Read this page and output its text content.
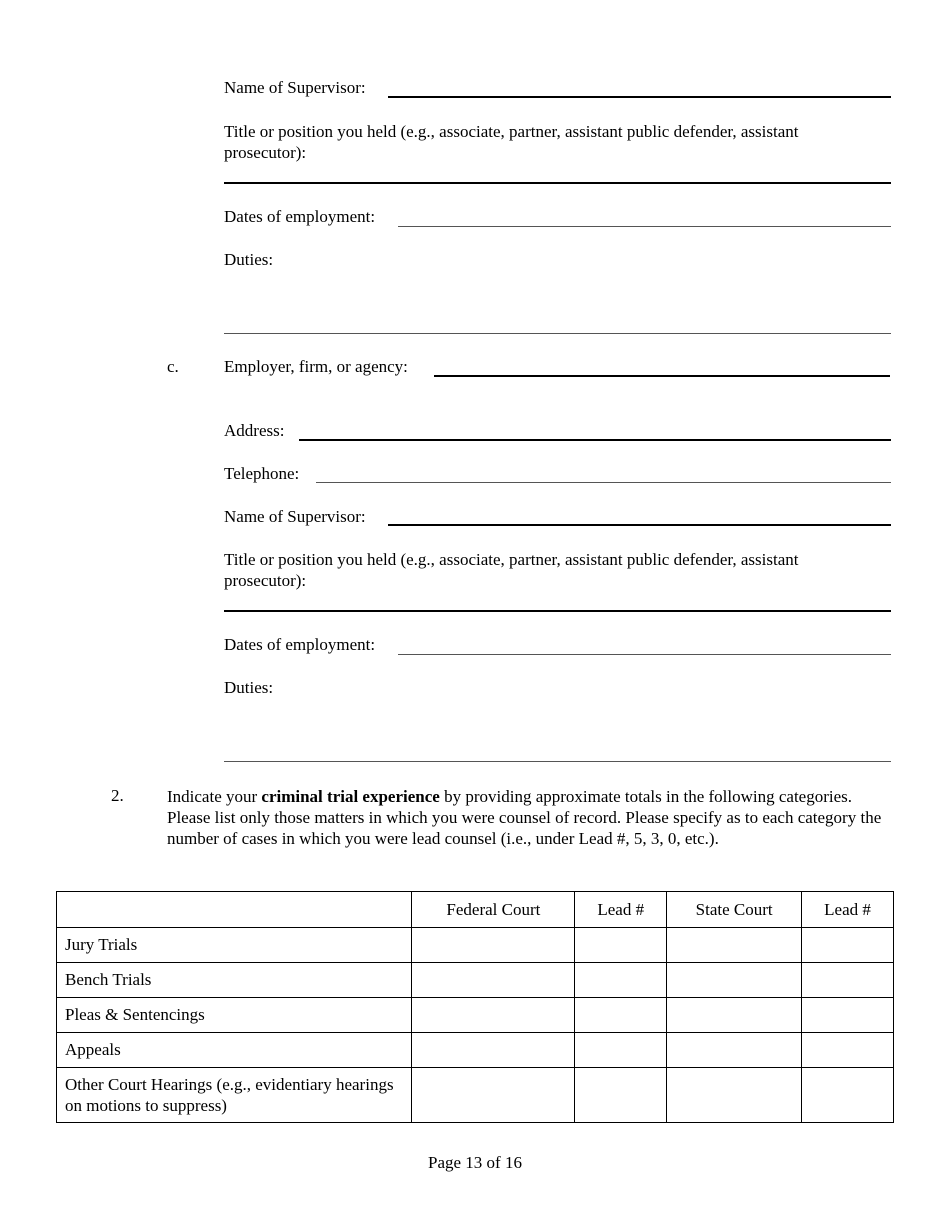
Name of Supervisor:
Title or position you held (e.g., associate, partner, assistant public defender, assistant prosecutor):
Dates of employment:
Duties:
c.	Employer, firm, or agency:
Address:
Telephone:
Name of Supervisor:
Title or position you held (e.g., associate, partner, assistant public defender, assistant prosecutor):
Dates of employment:
Duties:
2.	Indicate your criminal trial experience by providing approximate totals in the following categories. Please list only those matters in which you were counsel of record. Please specify as to each category the number of cases in which you were lead counsel (i.e., under Lead #, 5, 3, 0, etc.).
	Federal Court	Lead #	State Court	Lead #
Jury Trials				
Bench Trials				
Pleas & Sentencings				
Appeals				
Other Court Hearings (e.g., evidentiary hearings on motions to suppress)				
Page 13 of 16
